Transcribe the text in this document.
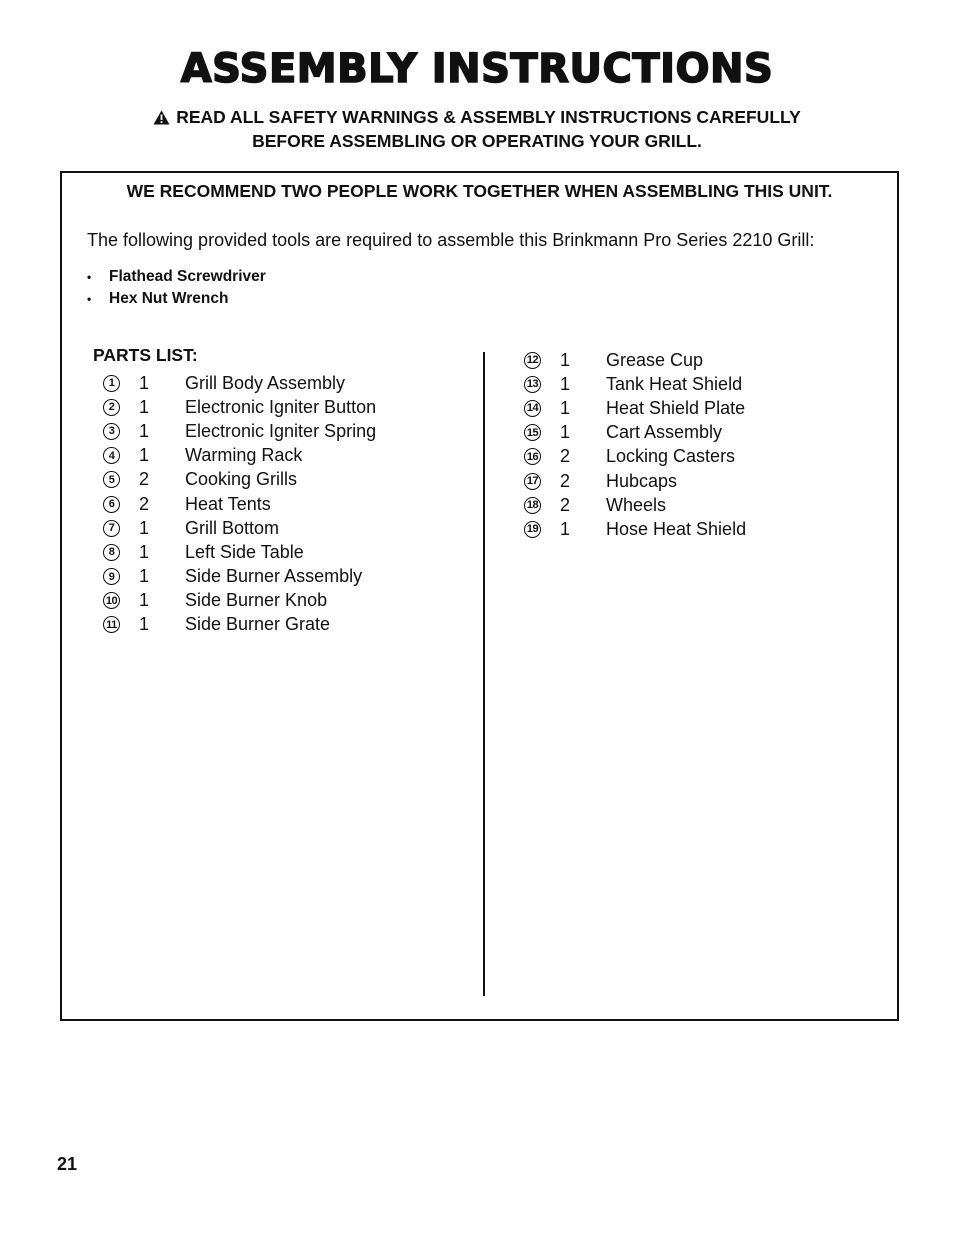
ASSEMBLY INSTRUCTIONS
READ ALL SAFETY WARNINGS & ASSEMBLY INSTRUCTIONS CAREFULLY
BEFORE ASSEMBLING OR OPERATING YOUR GRILL.
WE RECOMMEND TWO PEOPLE WORK TOGETHER WHEN ASSEMBLING THIS UNIT.
The following provided tools are required to assemble this Brinkmann Pro Series 2210 Grill:
• Flathead Screwdriver
• Hex Nut Wrench
PARTS LIST:
1	1 Grill Body Assembly
2	1 Electronic Igniter Button
3	1 Electronic Igniter Spring
4	1 Warming Rack
5	2 Cooking Grills
6	2 Heat Tents
7	1 Grill Bottom
8	1 Left Side Table
9	1 Side Burner Assembly
10 1 Side Burner Knob
11 1 Side Burner Grate
12 1 Grease Cup
13 1 Tank Heat Shield
14 1 Heat Shield Plate
15 1 Cart Assembly
16 2 Locking Casters
17 2 Hubcaps
18 2 Wheels
19 1 Hose Heat Shield
21
